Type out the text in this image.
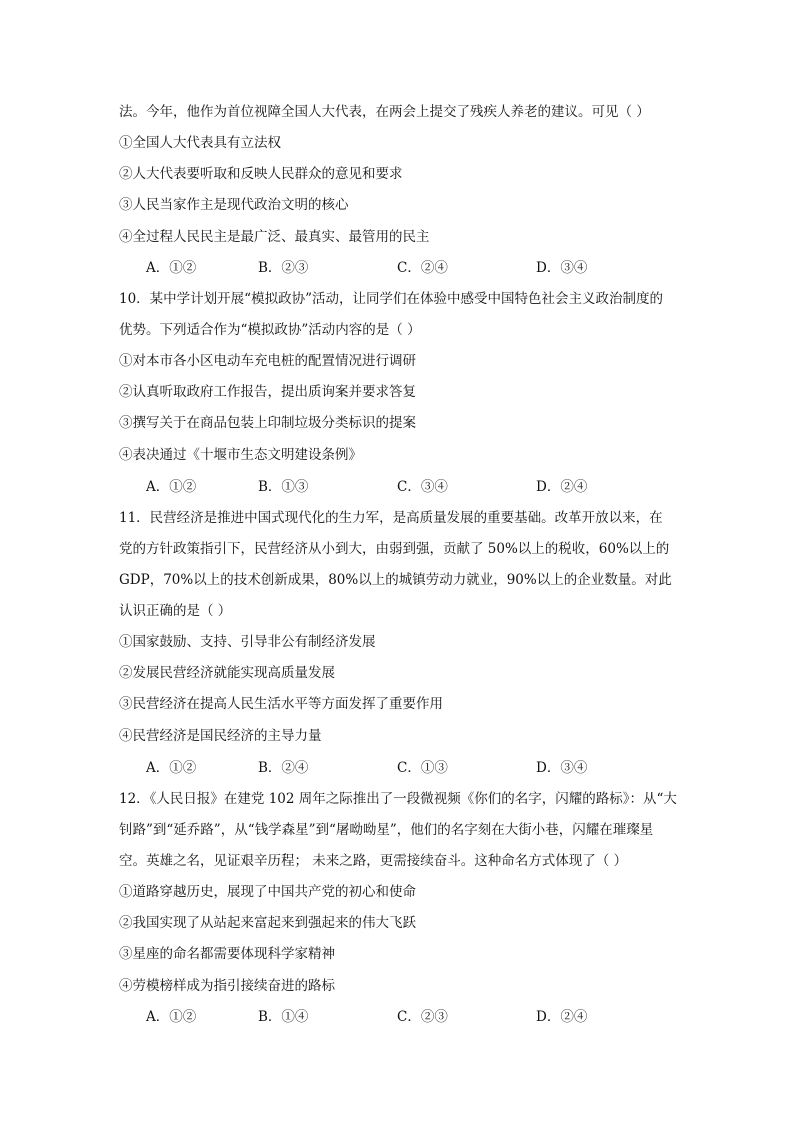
法。今年，他作为首位视障全国人大代表，在两会上提交了残疾人养老的建议。可见（ ）
①全国人大代表具有立法权
②人大代表要听取和反映人民群众的意见和要求
③人民当家作主是现代政治文明的核心
④全过程人民民主是最广泛、最真实、最管用的民主
A．①②	B．②③	C．②④	D．③④
10．某中学计划开展“模拟政协”活动，让同学们在体验中感受中国特色社会主义政治制度的
优势。下列适合作为“模拟政协”活动内容的是（ ）
①对本市各小区电动车充电桩的配置情况进行调研
②认真听取政府工作报告，提出质询案并要求答复
③撰写关于在商品包装上印制垃圾分类标识的提案
④表决通过《十堰市生态文明建设条例》
A．①②	B．①③	C．③④	D．②④
11．民营经济是推进中国式现代化的生力军，是高质量发展的重要基础。改革开放以来，在
党的方针政策指引下，民营经济从小到大，由弱到强，贡献了 50%以上的税收，60%以上的
GDP，70%以上的技术创新成果，80%以上的城镇劳动力就业，90%以上的企业数量。对此
认识正确的是（ ）
①国家鼓励、支持、引导非公有制经济发展
②发展民营经济就能实现高质量发展
③民营经济在提高人民生活水平等方面发挥了重要作用
④民营经济是国民经济的主导力量
A．①②	B．②④	C．①③	D．③④
12．《人民日报》在建党 102 周年之际推出了一段微视频《你们的名字，闪耀的路标》：从“大
钊路”到“延乔路”，从“钱学森星”到“屠呦呦星”，他们的名字刻在大街小巷，闪耀在璀璨星
空。英雄之名，见证艰辛历程； 未来之路，更需接续奋斗。这种命名方式体现了（ ）
①道路穿越历史，展现了中国共产党的初心和使命
②我国实现了从站起来富起来到强起来的伟大飞跃
③星座的命名都需要体现科学家精神
④劳模榜样成为指引接续奋进的路标
A．①②	B．①④	C．②③	D．②④
